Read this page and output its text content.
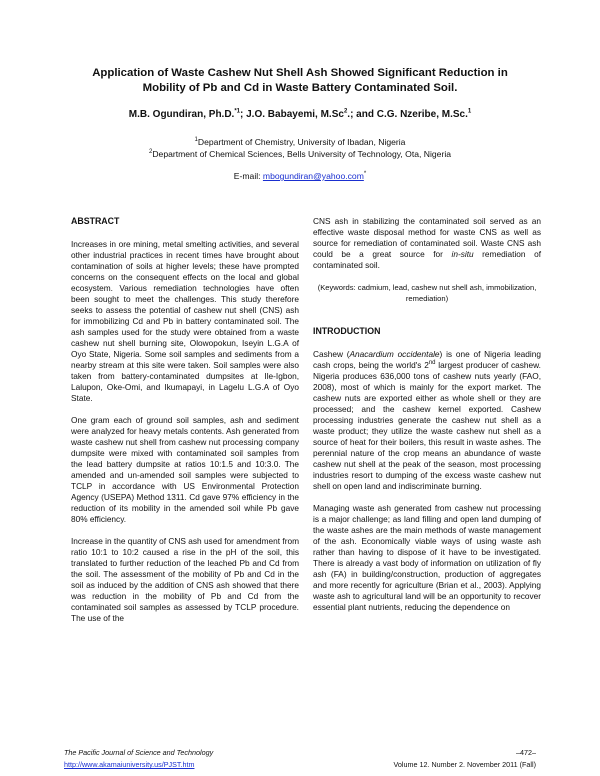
Application of Waste Cashew Nut Shell Ash Showed Significant Reduction in
Mobility of Pb and Cd in Waste Battery Contaminated Soil.
M.B. Ogundiran, Ph.D.$^{*1}$; J.O. Babayemi, M.Sc$^2$.; and C.G. Nzeribe, M.Sc.$^1$
$^1$Department of Chemistry, University of Ibadan, Nigeria
$^2$Department of Chemical Sciences, Bells University of Technology, Ota, Nigeria
E-mail: mbogundiran@yahoo.com*

ABSTRACT

Increases in ore mining, metal smelting activities, and several other industrial practices in recent times have brought about contamination of soils at higher levels; these have prompted concerns on the consequent effects on the local and global ecosystem. Various remediation technologies have often been sought to meet the challenges. This study therefore seeks to assess the potential of cashew nut shell (CNS) ash for immobilizing Cd and Pb in battery contaminated soil. The ash samples used for the study were obtained from a waste cashew nut shell burning site, Olowopokun, Iseyin L.G.A of Oyo State, Nigeria. Some soil samples and sediments from a nearby stream at this site were taken. Soil samples were also taken from battery-contaminated dumpsites at Ile-Igbon, Lalupon, Oke-Omi, and Ikumapayi, in Lagelu L.G.A of Oyo State.

One gram each of ground soil samples, ash and sediment were analyzed for heavy metals contents. Ash generated from waste cashew nut shell from cashew nut processing company dumpsite were mixed with contaminated soil samples from the lead battery dumpsite at ratios 10:1.5 and 10:3.0. The amended and un-amended soil samples were subjected to TCLP in accordance with US Environmental Protection Agency (USEPA) Method 1311. Cd gave 97% efficiency in the reduction of its mobility in the amended soil while Pb gave 80% efficiency.

Increase in the quantity of CNS ash used for amendment from ratio 10:1 to 10:2 caused a rise in the pH of the soil, this translated to further reduction of the leached Pb and Cd from the soil. The assessment of the mobility of Pb and Cd in the soil as induced by the addition of CNS ash showed that there was reduction in the mobility of Pb and Cd from the contaminated soil samples as assessed by TCLP procedure. The use of the

CNS ash in stabilizing the contaminated soil served as an effective waste disposal method for waste CNS as well as source for remediation of contaminated soil. Waste CNS ash could be a great source for in-situ remediation of contaminated soil.

(Keywords: cadmium, lead, cashew nut shell ash, immobilization, remediation)

INTRODUCTION

Cashew (Anacardium occidentale) is one of Nigeria leading cash crops, being the world's 2nd largest producer of cashew. Nigeria produces 636,000 tons of cashew nuts yearly (FAO, 2008), most of which is mainly for the export market. The cashew nuts are exported either as whole shell or they are processed; and the cashew kernel exported. Cashew processing industries generate the cashew nut shell as a waste product; they utilize the waste cashew nut shell as a source of heat for their boilers, this result in waste ashes. The perennial nature of the crop means an abundance of waste cashew nut shell at the peak of the season, most processing industries resort to dumping of the excess waste cashew nut shell on open land and indiscriminate burning.

Managing waste ash generated from cashew nut processing is a major challenge; as land filling and open land dumping of the waste ashes are the main methods of waste management of the ash. Economically viable ways of using waste ash rather than having to dispose of it have to be investigated. There is already a vast body of information on utilization of fly ash (FA) in building/construction, production of aggregates and more recently for agriculture (Brian et al., 2003). Applying waste ash to agricultural land will be an opportunity to recover essential plant nutrients, reducing the dependence on

The Pacific Journal of Science and Technology
http://www.akamaiuniversity.us/PJST.htm
–472–
Volume 12. Number 2. November 2011 (Fall)
